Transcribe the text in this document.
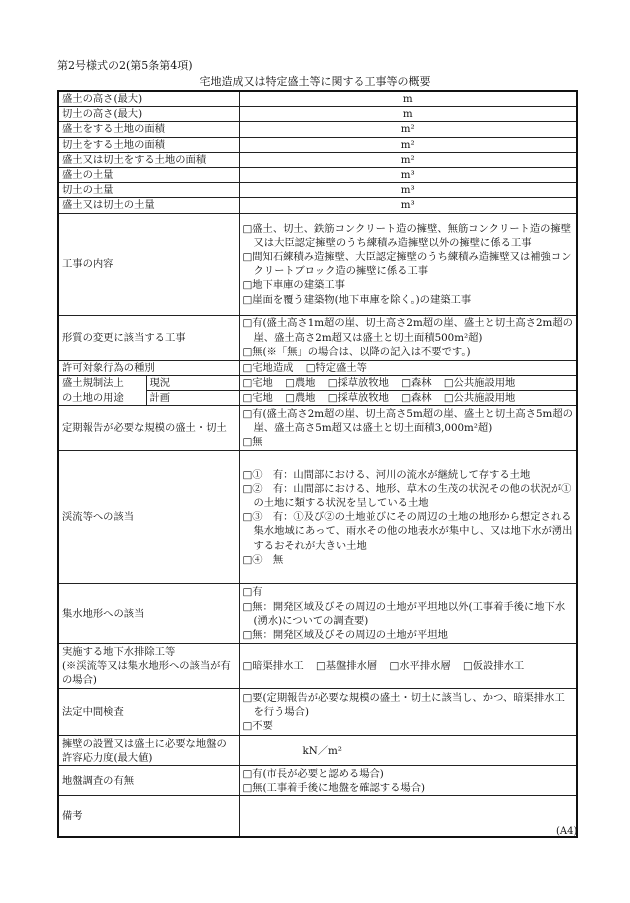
第2号様式の2(第5条第4項)
宅地造成又は特定盛土等に関する工事等の概要
盛土の高さ(最大)		m
切土の高さ(最大)		m
盛土をする土地の面積		m²
切土をする土地の面積		m²
盛土又は切土をする土地の面積		m²
盛土の土量		m³
切土の土量		m³
盛土又は切土の土量		m³
工事の内容		□盛土、切土、鉄筋コンクリート造の擁壁、無筋コンクリート造の擁壁又は大臣認定擁壁のうち練積み造擁壁以外の擁壁に係る工事
□間知石練積み造擁壁、大臣認定擁壁のうち練積み造擁壁又は補強コンクリートブロック造の擁壁に係る工事
□地下車庫の建築工事
□崖面を覆う建築物(地下車庫を除く。)の建築工事

形質の変更に該当する工事		□有(盛土高さ1m超の崖、切土高さ2m超の崖、盛土と切土高さ2m超の崖、盛土高さ2m超又は盛土と切土面積500m²超)
□無(※「無」の場合は、以降の記入は不要です。)

許可対象行為の種別		□宅地造成 □特定盛土等
盛土規制法上	現況	□宅地 □農地 □採草放牧地 □森林 □公共施設用地
の土地の用途	計画	□宅地 □農地 □採草放牧地 □森林 □公共施設用地
定期報告が必要な規模の盛土・切土		□有(盛土高さ2m超の崖、切土高さ5m超の崖、盛土と切土高さ5m超の崖、盛土高さ5m超又は盛土と切土面積3,000m²超)
□無

渓流等への該当		□①　有：山間部における、河川の流水が継続して存する土地
□②　有：山間部における、地形、草木の生茂の状況その他の状況が①の土地に類する状況を呈している土地
□③　有：①及び②の土地並びにその周辺の土地の地形から想定される集水地域にあって、雨水その他の地表水が集中し、又は地下水が湧出するおそれが大きい土地
□④　無

集水地形への該当		□有
□無：開発区域及びその周辺の土地が平坦地以外(工事着手後に地下水(湧水)についての調査要)
□無：開発区域及びその周辺の土地が平坦地

実施する地下水排除工等
(※渓流等又は集水地形への該当が有の場合)		□暗渠排水工 □基盤排水層 □水平排水層 □仮設排水工
法定中間検査		□要(定期報告が必要な規模の盛土・切土に該当し、かつ、暗渠排水工を行う場合)
□不要

擁壁の設置又は盛土に必要な地盤の許容応力度(最大値)		kN／m²
地盤調査の有無		□有(市長が必要と認める場合)
□無(工事着手後に地盤を確認する場合)

備考		
(A4)
